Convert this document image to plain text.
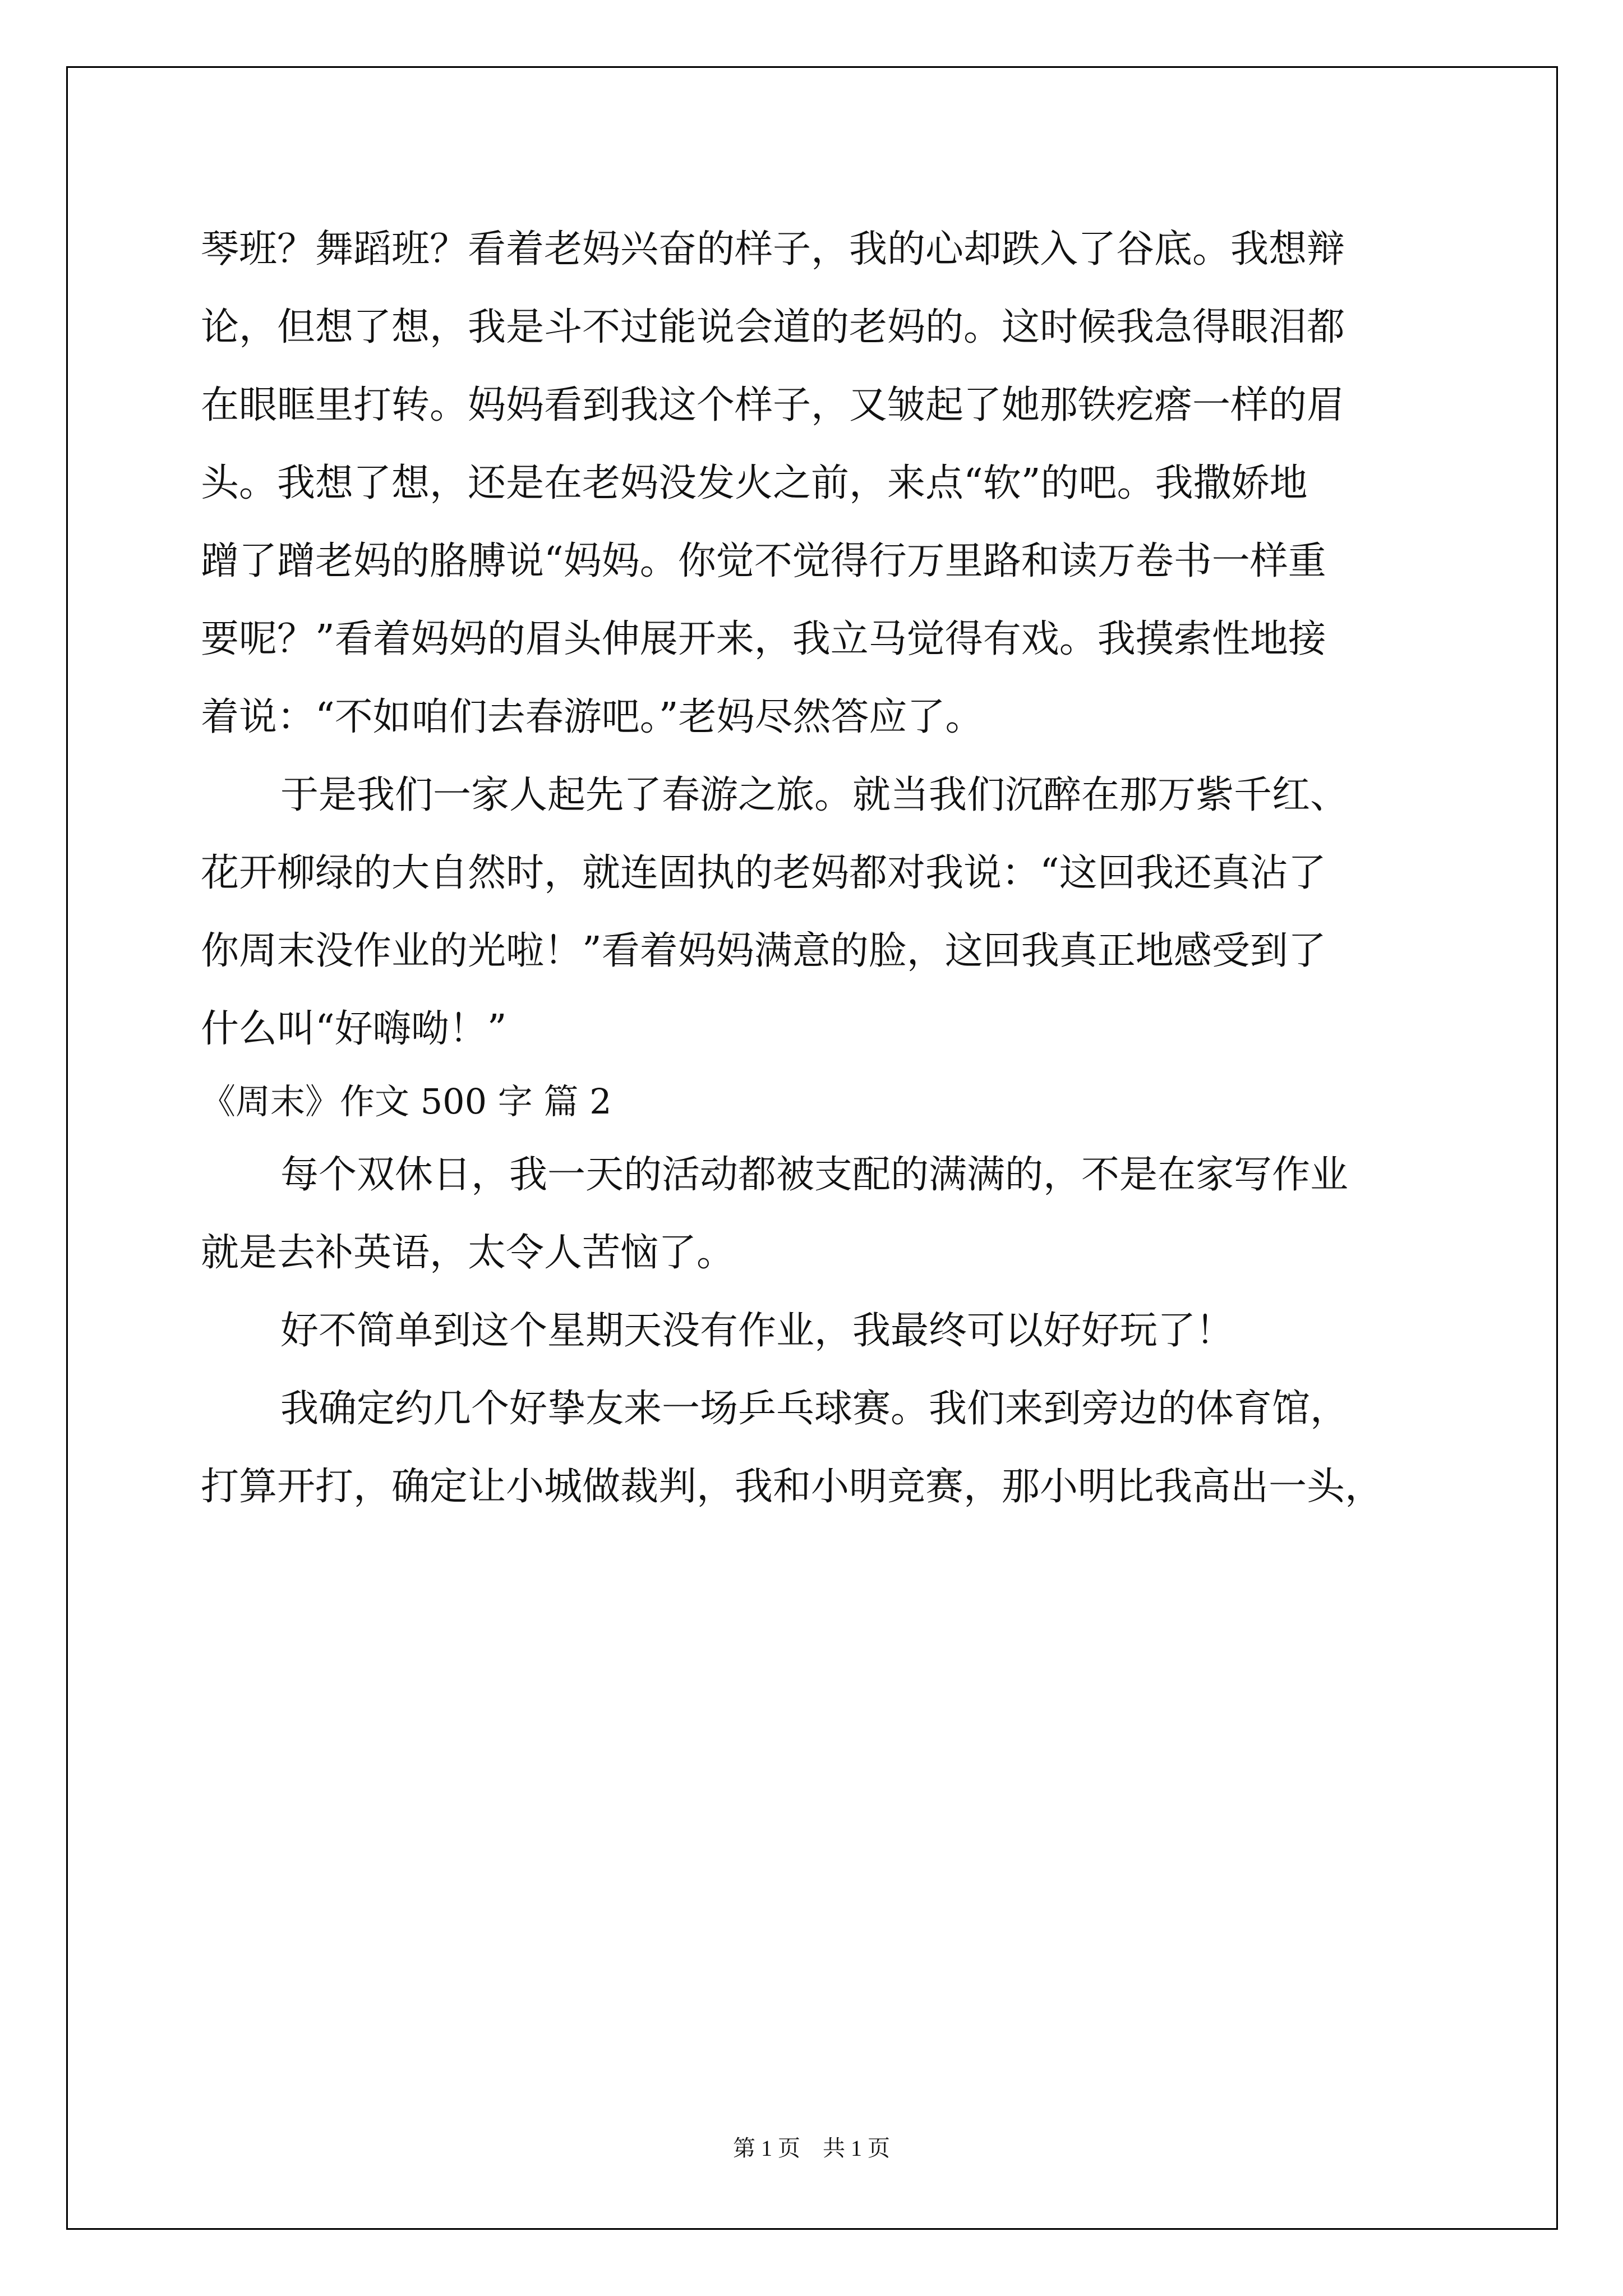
琴班？舞蹈班？看着老妈兴奋的样子，我的心却跌入了谷底。我想辩
论，但想了想，我是斗不过能说会道的老妈的。这时候我急得眼泪都
在眼眶里打转。妈妈看到我这个样子，又皱起了她那铁疙瘩一样的眉
头。我想了想，还是在老妈没发火之前，来点“软”的吧。我撒娇地
蹭了蹭老妈的胳膊说“妈妈。你觉不觉得行万里路和读万卷书一样重
要呢？”看着妈妈的眉头伸展开来，我立马觉得有戏。我摸索性地接
着说：“不如咱们去春游吧。”老妈尽然答应了。
于是我们一家人起先了春游之旅。就当我们沉醉在那万紫千红、
花开柳绿的大自然时，就连固执的老妈都对我说：“这回我还真沾了
你周末没作业的光啦！”看着妈妈满意的脸，这回我真正地感受到了
什么叫“好嗨呦！”
《周末》作文 500 字 篇 2
每个双休日，我一天的活动都被支配的满满的，不是在家写作业
就是去补英语，太令人苦恼了。
好不简单到这个星期天没有作业，我最终可以好好玩了！
我确定约几个好挚友来一场乒乓球赛。我们来到旁边的体育馆，
打算开打，确定让小城做裁判，我和小明竞赛，那小明比我高出一头，
第 1 页　共 1 页
